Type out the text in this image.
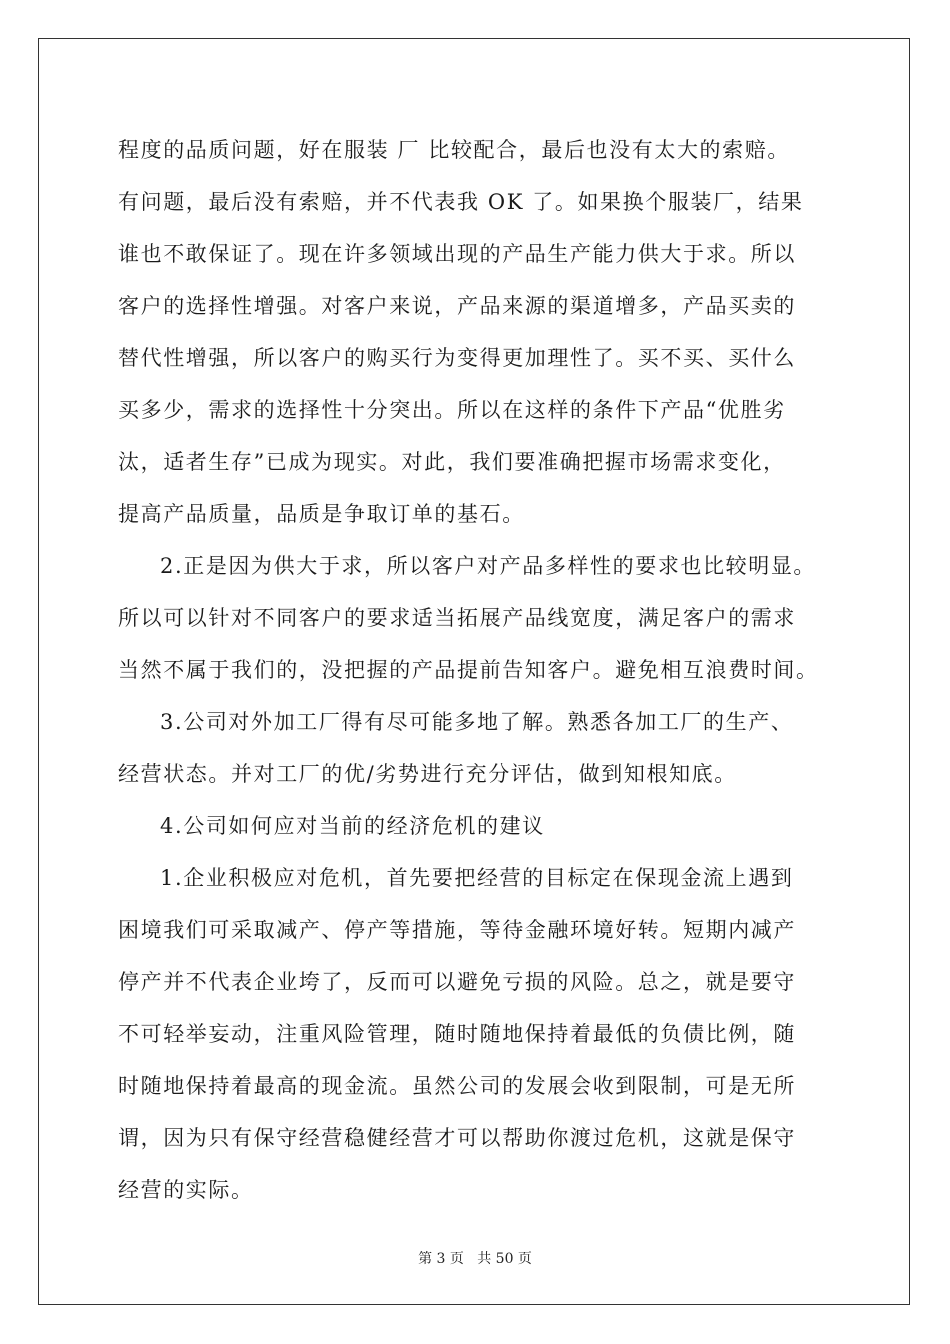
程度的品质问题，好在服装 厂 比较配合，最后也没有太大的索赔。
有问题，最后没有索赔，并不代表我 OK 了。如果换个服装厂，结果
谁也不敢保证了。现在许多领域出现的产品生产能力供大于求。所以
客户的选择性增强。对客户来说，产品来源的渠道增多，产品买卖的
替代性增强，所以客户的购买行为变得更加理性了。买不买、买什么
买多少，需求的选择性十分突出。所以在这样的条件下产品“优胜劣
汰，适者生存”已成为现实。对此，我们要准确把握市场需求变化，
提高产品质量，品质是争取订单的基石。
2.正是因为供大于求，所以客户对产品多样性的要求也比较明显。
所以可以针对不同客户的要求适当拓展产品线宽度，满足客户的需求
当然不属于我们的，没把握的产品提前告知客户。避免相互浪费时间。
3.公司对外加工厂得有尽可能多地了解。熟悉各加工厂的生产、
经营状态。并对工厂的优/劣势进行充分评估，做到知根知底。
4.公司如何应对当前的经济危机的建议
1.企业积极应对危机，首先要把经营的目标定在保现金流上遇到
困境我们可采取减产、停产等措施，等待金融环境好转。短期内减产
停产并不代表企业垮了，反而可以避免亏损的风险。总之，就是要守
不可轻举妄动，注重风险管理，随时随地保持着最低的负债比例，随
时随地保持着最高的现金流。虽然公司的发展会收到限制，可是无所
谓，因为只有保守经营稳健经营才可以帮助你渡过危机，这就是保守
经营的实际。
第 3 页   共 50 页
